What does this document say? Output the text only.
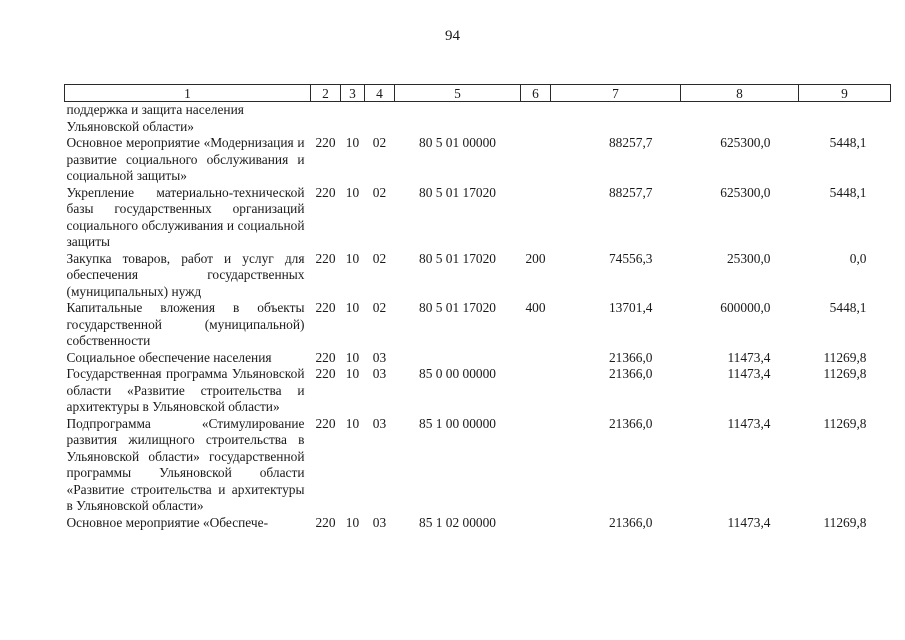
94
1	2	3	4	5	6	7	8	9
поддержка и защита населения Ульяновской области»								
Основное мероприятие «Модернизация и развитие социального обслуживания и социальной защиты»	220	10	02	80 5 01 00000		88257,7	625300,0	5448,1
Укрепление материально-технической базы государственных организаций социального обслуживания и социальной защиты	220	10	02	80 5 01 17020		88257,7	625300,0	5448,1
Закупка товаров, работ и услуг для обеспечения государственных (муниципальных) нужд	220	10	02	80 5 01 17020	200	74556,3	25300,0	0,0
Капитальные вложения в объекты государственной (муниципальной) собственности	220	10	02	80 5 01 17020	400	13701,4	600000,0	5448,1
Социальное обеспечение населения	220	10	03			21366,0	11473,4	11269,8
Государственная программа Ульяновской области «Развитие строительства и архитектуры в Ульяновской области»	220	10	03	85 0 00 00000		21366,0	11473,4	11269,8
Подпрограмма «Стимулирование развития жилищного строительства в Ульяновской области» государственной программы Ульяновской области «Развитие строительства и архитектуры в Ульяновской области»	220	10	03	85 1 00 00000		21366,0	11473,4	11269,8
Основное мероприятие «Обеспече-	220	10	03	85 1 02 00000		21366,0	11473,4	11269,8
